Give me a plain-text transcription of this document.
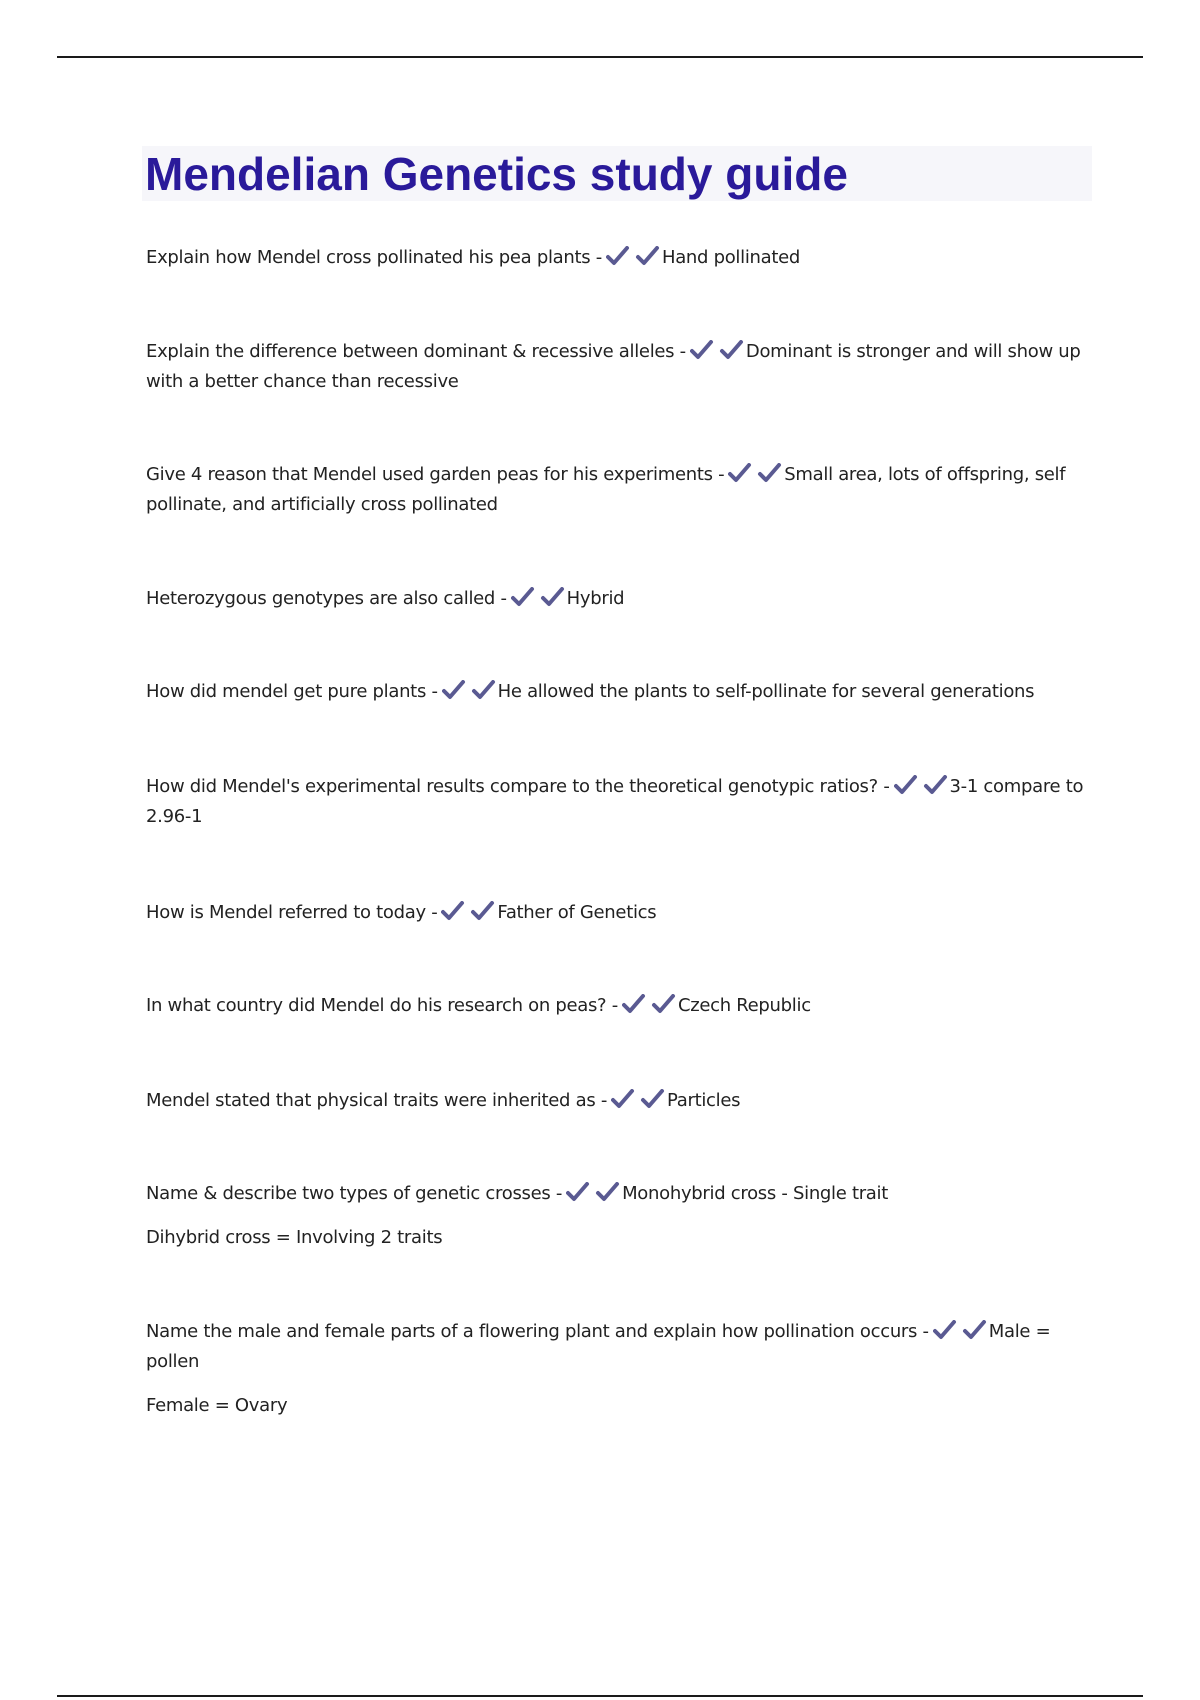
Mendelian Genetics study guide

Explain how Mendel cross pollinated his pea plants -	Hand pollinated

Explain the difference between dominant & recessive alleles -	Dominant is stronger and will show up with a better chance than recessive

Give 4 reason that Mendel used garden peas for his experiments -	Small area, lots of offspring, self pollinate, and artificially cross pollinated

Heterozygous genotypes are also called -	Hybrid

How did mendel get pure plants -	He allowed the plants to self-pollinate for several generations

How did Mendel's experimental results compare to the theoretical genotypic ratios? -	3-1 compare to 2.96-1

How is Mendel referred to today -	Father of Genetics

In what country did Mendel do his research on peas? -	Czech Republic

Mendel stated that physical traits were inherited as -	Particles

Name & describe two types of genetic crosses -	Monohybrid cross - Single trait

Dihybrid cross = Involving 2 traits

Name the male and female parts of a flowering plant and explain how pollination occurs -	Male = pollen

Female = Ovary
